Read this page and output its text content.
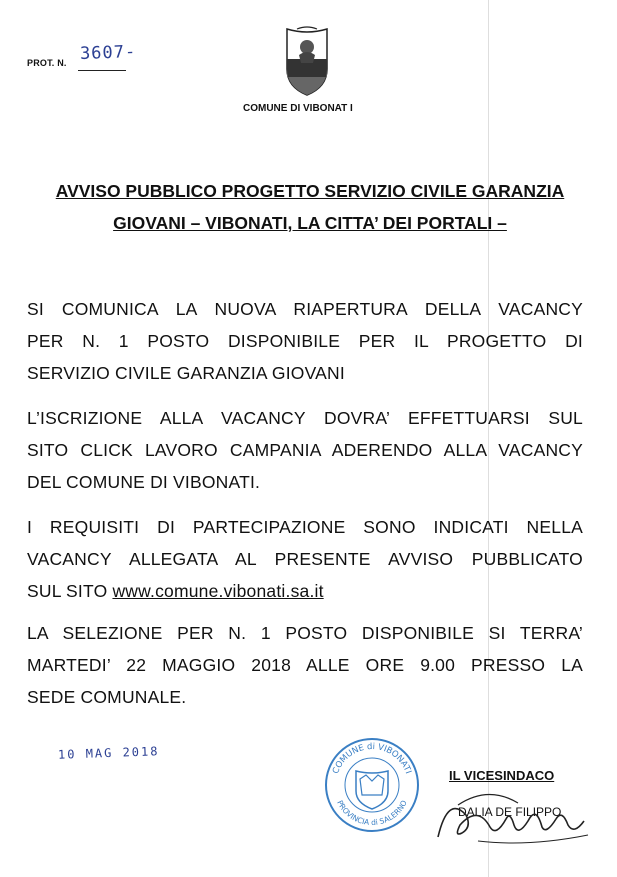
PROT. N. 3607-
COMUNE DI VIBONAT I
AVVISO PUBBLICO PROGETTO SERVIZIO CIVILE GARANZIA
GIOVANI – VIBONATI, LA CITTA’ DEI PORTALI –
SI COMUNICA LA NUOVA RIAPERTURA DELLA VACANCY
PER N. 1 POSTO DISPONIBILE PER IL PROGETTO DI
SERVIZIO CIVILE GARANZIA GIOVANI
L’ISCRIZIONE ALLA VACANCY DOVRA’ EFFETTUARSI SUL
SITO CLICK LAVORO CAMPANIA ADERENDO ALLA VACANCY
DEL COMUNE DI VIBONATI.
I REQUISITI DI PARTECIPAZIONE SONO INDICATI NELLA
VACANCY ALLEGATA AL PRESENTE AVVISO PUBBLICATO
SUL SITO www.comune.vibonati.sa.it
LA SELEZIONE PER N. 1 POSTO DISPONIBILE SI TERRA’
MARTEDI’ 22 MAGGIO 2018 ALLE ORE 9.00 PRESSO LA
SEDE COMUNALE.
10 MAG 2018
COMUNE di VIBONATI
PROVINCIA di SALERNO
IL VICESINDACO
DALIA DE FILIPPO
